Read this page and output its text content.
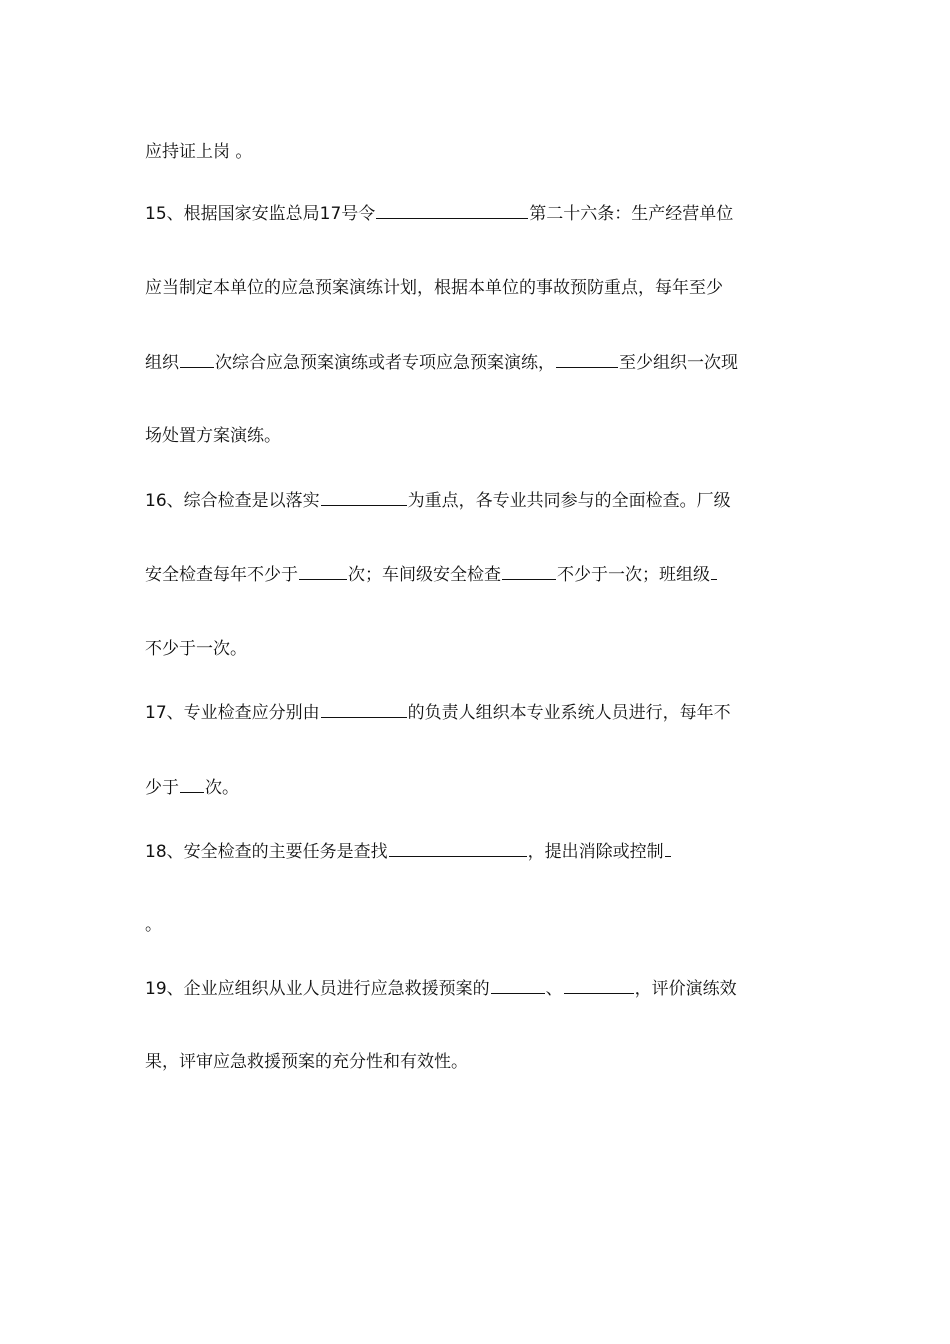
应持证上岗 。
15、根据国家安监总局17号令	第二十六条：生产经营单位
应当制定本单位的应急预案演练计划，根据本单位的事故预防重点，每年至少
组织 次综合应急预案演练或者专项应急预案演练，	至少组织一次现
场处置方案演练。
16、综合检查是以落实	为重点，各专业共同参与的全面检查。厂级
安全检查每年不少于	次；车间级安全检查	不少于一次；班组级
不少于一次。
17、专业检查应分别由	的负责人组织本专业系统人员进行，每年不
少于 次。
18、安全检查的主要任务是查找	，提出消除或控制
。
19、企业应组织从业人员进行应急救援预案的	、	，评价演练效
果，评审应急救援预案的充分性和有效性。
